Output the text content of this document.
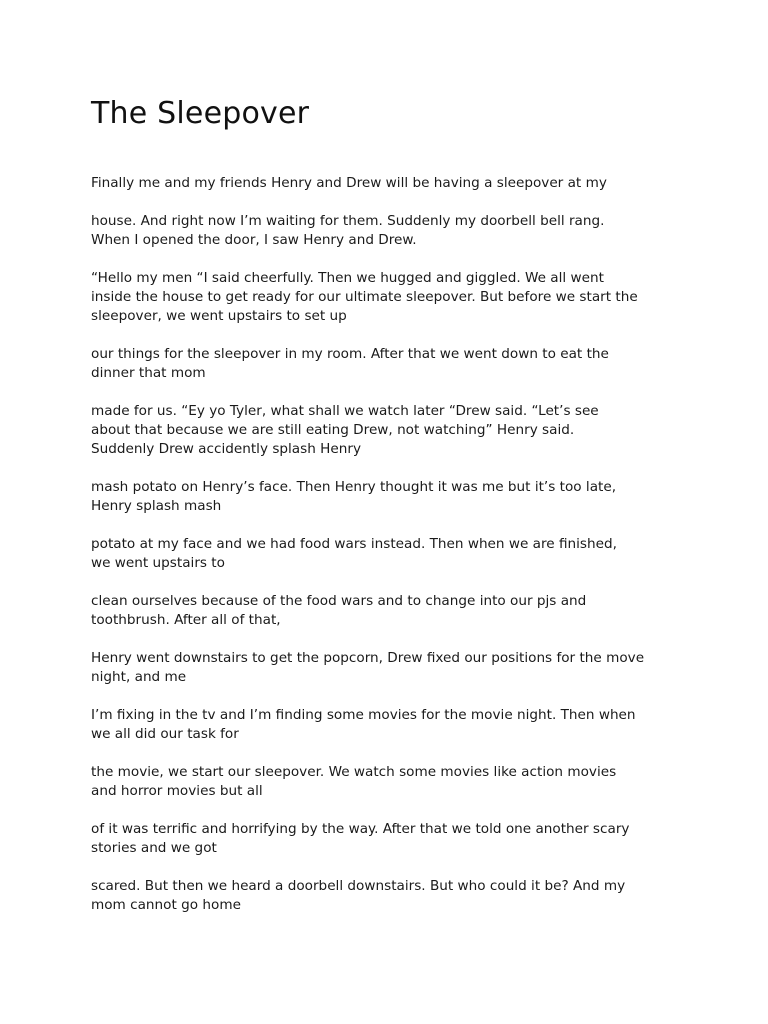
The Sleepover

Finally me and my friends Henry and Drew will be having a sleepover at my

house. And right now I’m waiting for them. Suddenly my doorbell bell rang.
When I opened the door, I saw Henry and Drew.

“Hello my men “I said cheerfully. Then we hugged and giggled. We all went
inside the house to get ready for our ultimate sleepover. But before we start the
sleepover, we went upstairs to set up

our things for the sleepover in my room. After that we went down to eat the
dinner that mom

made for us. “Ey yo Tyler, what shall we watch later “Drew said. “Let’s see
about that because we are still eating Drew, not watching” Henry said.
Suddenly Drew accidently splash Henry

mash potato on Henry’s face. Then Henry thought it was me but it’s too late,
Henry splash mash

potato at my face and we had food wars instead. Then when we are finished,
we went upstairs to

clean ourselves because of the food wars and to change into our pjs and
toothbrush. After all of that,

Henry went downstairs to get the popcorn, Drew fixed our positions for the move
night, and me

I’m fixing in the tv and I’m finding some movies for the movie night. Then when
we all did our task for

the movie, we start our sleepover. We watch some movies like action movies
and horror movies but all

of it was terrific and horrifying by the way. After that we told one another scary
stories and we got

scared. But then we heard a doorbell downstairs. But who could it be? And my
mom cannot go home
